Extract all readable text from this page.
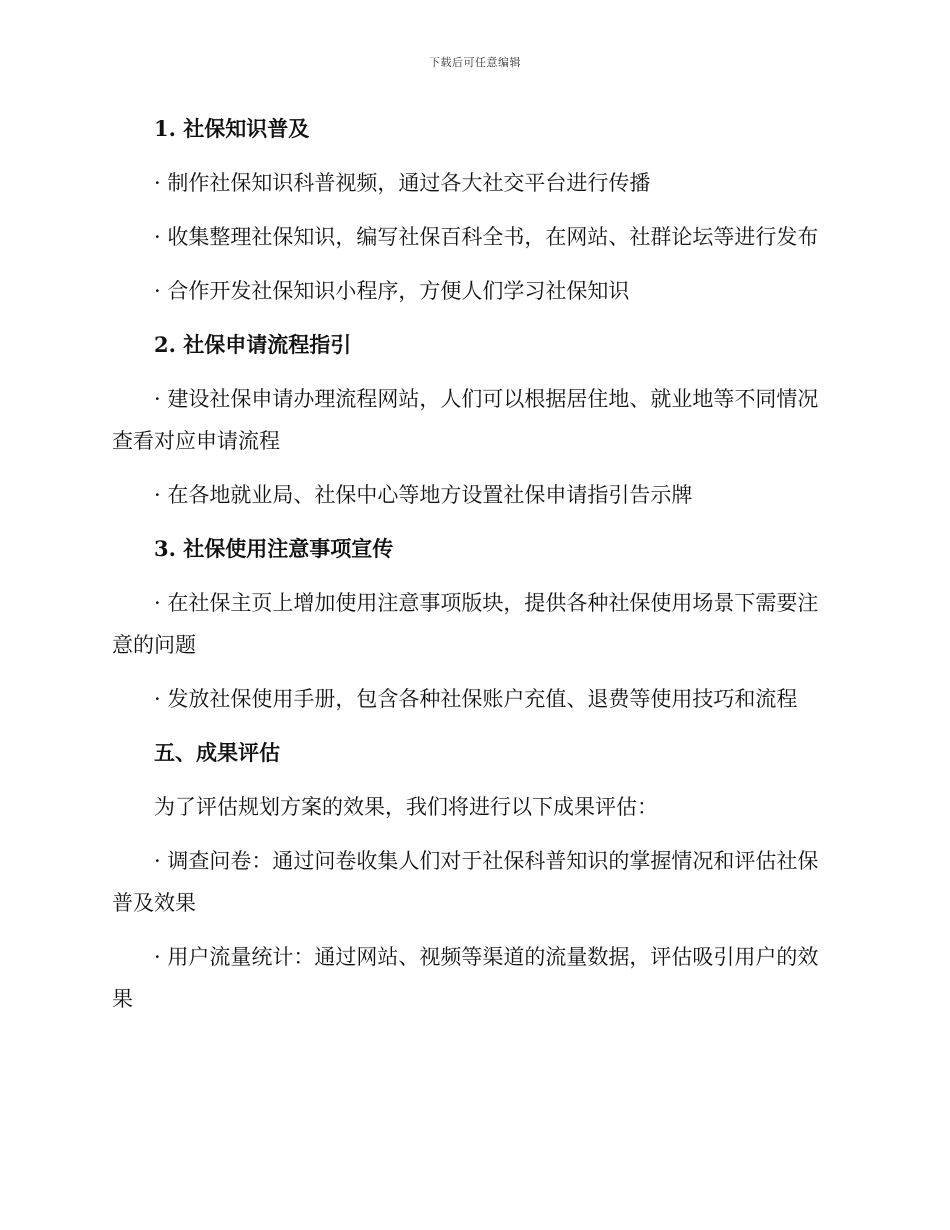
下载后可任意编辑

1. 社保知识普及

· 制作社保知识科普视频，通过各大社交平台进行传播

· 收集整理社保知识，编写社保百科全书，在网站、社群论坛等进行发布

· 合作开发社保知识小程序，方便人们学习社保知识

2. 社保申请流程指引

· 建设社保申请办理流程网站，人们可以根据居住地、就业地等不同情况查看对应申请流程

· 在各地就业局、社保中心等地方设置社保申请指引告示牌

3. 社保使用注意事项宣传

· 在社保主页上增加使用注意事项版块，提供各种社保使用场景下需要注意的问题

· 发放社保使用手册，包含各种社保账户充值、退费等使用技巧和流程

五、成果评估

为了评估规划方案的效果，我们将进行以下成果评估：

· 调查问卷：通过问卷收集人们对于社保科普知识的掌握情况和评估社保普及效果

· 用户流量统计：通过网站、视频等渠道的流量数据，评估吸引用户的效果
